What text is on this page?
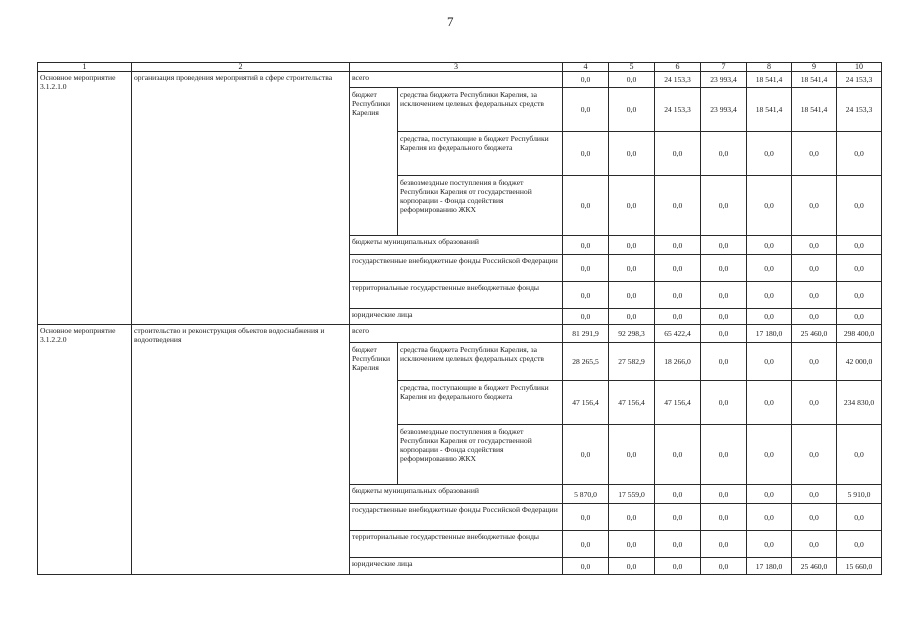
7
1	2	3		4	5	6	7	8	9	10
Основное мероприятие 3.1.2.1.0	организация проведения мероприятий в сфере строительства	всего		0,0	0,0	24 153,3	23 993,4	18 541,4	18 541,4	24 153,3
		бюджет Республики Карелия	средства бюджета Республики Карелия, за исключением целевых федеральных средств	0,0	0,0	24 153,3	23 993,4	18 541,4	18 541,4	24 153,3
			средства, поступающие в бюджет Республики Карелия из федерального бюджета	0,0	0,0	0,0	0,0	0,0	0,0	0,0
			безвозмездные поступления в бюджет Республики Карелия от государственной корпорации - Фонда содействия реформированию ЖКХ	0,0	0,0	0,0	0,0	0,0	0,0	0,0
		бюджеты муниципальных образований		0,0	0,0	0,0	0,0	0,0	0,0	0,0
		государственные внебюджетные фонды Российской Федерации		0,0	0,0	0,0	0,0	0,0	0,0	0,0
		территориальные государственные внебюджетные фонды		0,0	0,0	0,0	0,0	0,0	0,0	0,0
		юридические лица		0,0	0,0	0,0	0,0	0,0	0,0	0,0
Основное мероприятие 3.1.2.2.0	строительство и реконструкция объектов водоснабжения и водоотведения	всего		81 291,9	92 298,3	65 422,4	0,0	17 180,0	25 460,0	298 400,0
		бюджет Республики Карелия	средства бюджета Республики Карелия, за исключением целевых федеральных средств	28 265,5	27 582,9	18 266,0	0,0	0,0	0,0	42 000,0
			средства, поступающие в бюджет Республики Карелия из федерального бюджета	47 156,4	47 156,4	47 156,4	0,0	0,0	0,0	234 830,0
			безвозмездные поступления в бюджет Республики Карелия от государственной корпорации - Фонда содействия реформированию ЖКХ	0,0	0,0	0,0	0,0	0,0	0,0	0,0
		бюджеты муниципальных образований		5 870,0	17 559,0	0,0	0,0	0,0	0,0	5 910,0
		государственные внебюджетные фонды Российской Федерации		0,0	0,0	0,0	0,0	0,0	0,0	0,0
		территориальные государственные внебюджетные фонды		0,0	0,0	0,0	0,0	0,0	0,0	0,0
		юридические лица		0,0	0,0	0,0	0,0	17 180,0	25 460,0	15 660,0
